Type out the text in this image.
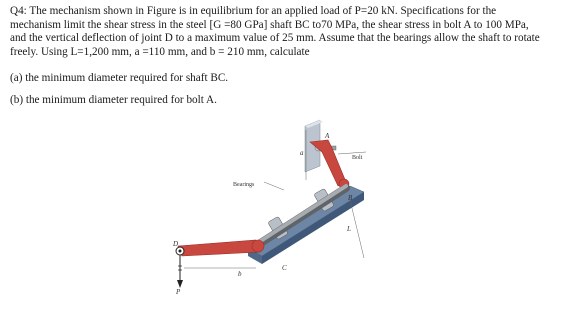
Q4: The mechanism shown in Figure is in equilibrium for an applied load of P=20 kN. Specifications for the
mechanism limit the shear stress in the steel [G =80 GPa] shaft BC to70 MPa, the shear stress in bolt A to 100 MPa,
and the vertical deflection of joint D to a maximum value of 25 mm. Assume that the bearings allow the shaft to rotate
freely. Using L=1,200 mm, a =110 mm, and b = 210 mm, calculate
(a) the minimum diameter required for shaft BC.
(b) the minimum diameter required for bolt A.
A
a
Bolt
Bearings
B
L
D
C
b
P
